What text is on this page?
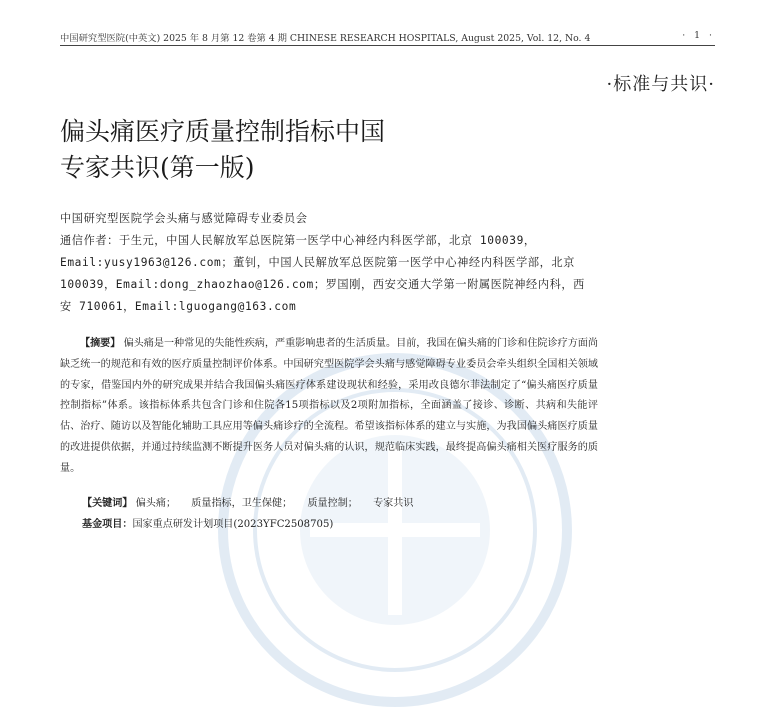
中国研究型医院(中英文) 2025 年 8 月第 12 卷第 4 期 CHINESE RESEARCH HOSPITALS, August 2025, Vol. 12, No. 4	· 1 ·
·标准与共识·
偏头痛医疗质量控制指标中国
专家共识(第一版)
中国研究型医院学会头痛与感觉障碍专业委员会
通信作者：于生元，中国人民解放军总医院第一医学中心神经内科医学部，北京 100039，Email:yusy1963@126.com；董钊，中国人民解放军总医院第一医学中心神经内科医学部，北京 100039，Email:dong_zhaozhao@126.com；罗国刚，西安交通大学第一附属医院神经内科，西安 710061，Email:lguogang@163.com

【摘要】 偏头痛是一种常见的失能性疾病，严重影响患者的生活质量。目前，我国在偏头痛的门诊和住院诊疗方面尚缺乏统一的规范和有效的医疗质量控制评价体系。中国研究型医院学会头痛与感觉障碍专业委员会牵头组织全国相关领域的专家，借鉴国内外的研究成果并结合我国偏头痛医疗体系建设现状和经验，采用改良德尔菲法制定了“偏头痛医疗质量控制指标”体系。该指标体系共包含门诊和住院各15项指标以及2项附加指标，全面涵盖了接诊、诊断、共病和失能评估、治疗、随访以及智能化辅助工具应用等偏头痛诊疗的全流程。希望该指标体系的建立与实施，为我国偏头痛医疗质量的改进提供依据，并通过持续监测不断提升医务人员对偏头痛的认识，规范临床实践，最终提高偏头痛相关医疗服务的质量。

【关键词】 偏头痛； 质量指标，卫生保健； 质量控制； 专家共识
基金项目：国家重点研发计划项目(2023YFC2508705)
